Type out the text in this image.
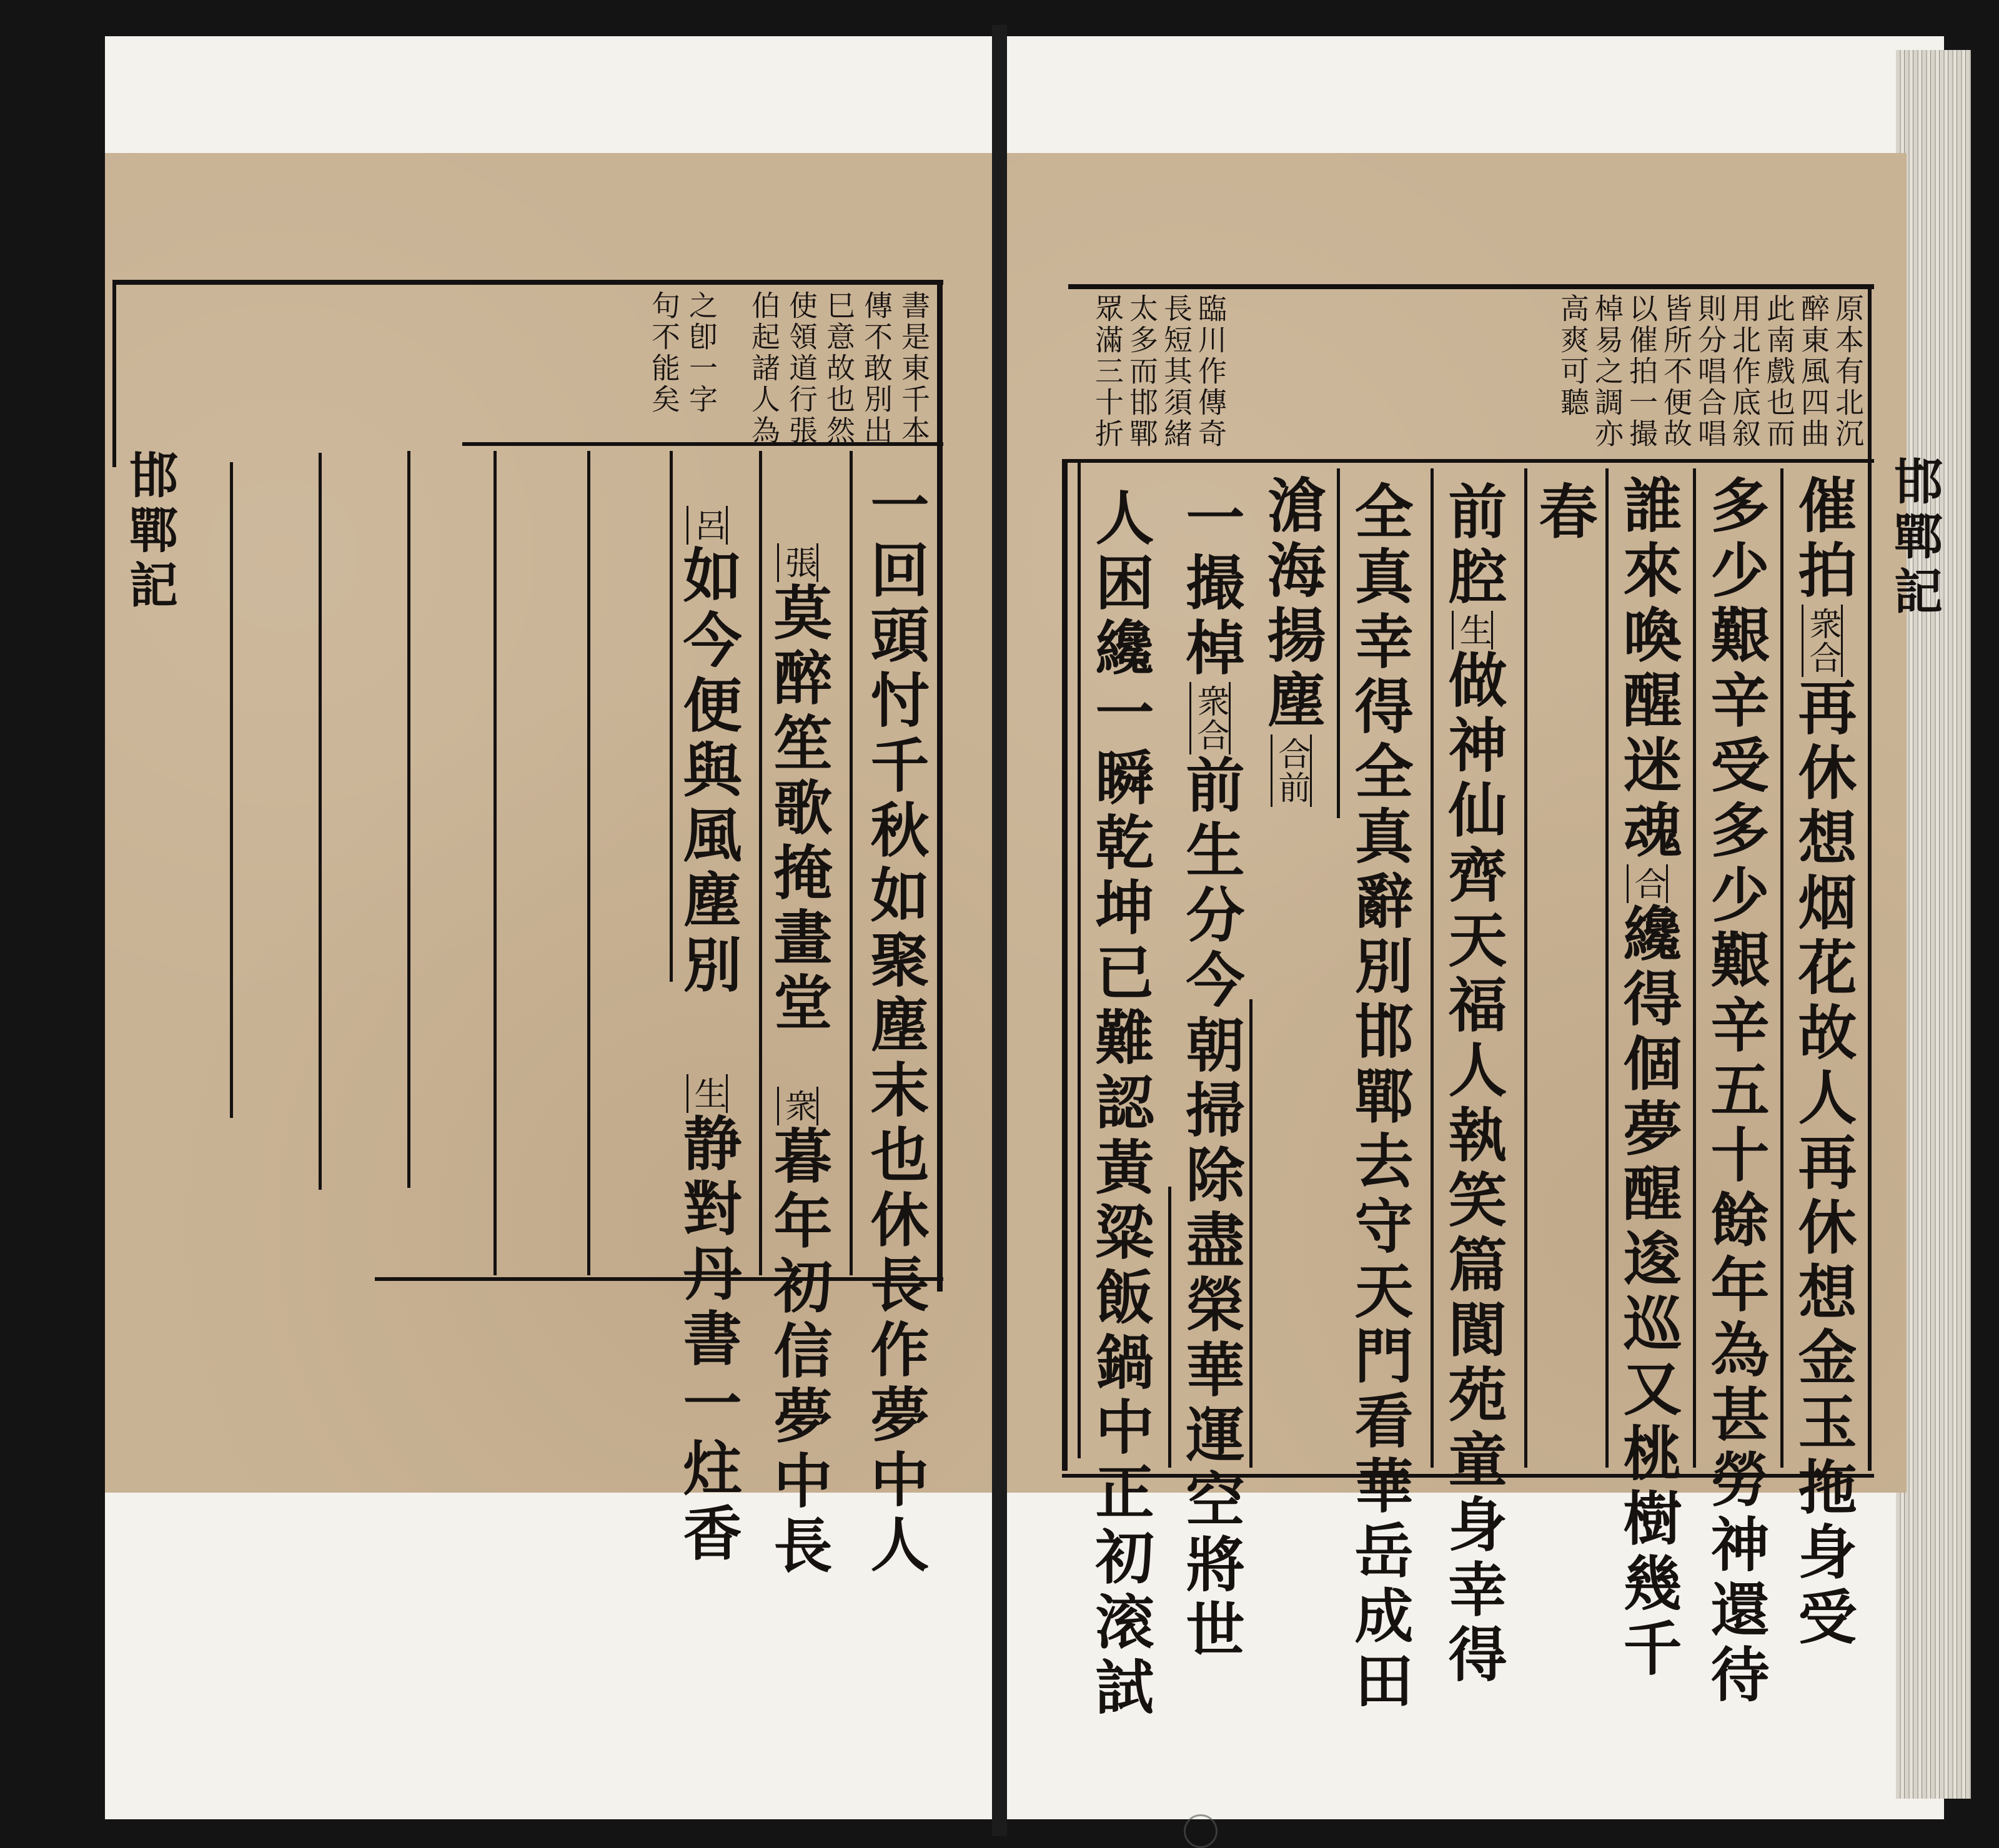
書是東千本
傳不敢別出
巳意故也然
使領道行張
伯起諸人為
之卽一字
句不能矣
邯鄲記	一回頭忖千秋如聚塵末也休長作夢中人
張莫醉笙歌掩畫堂
衆暮年初信夢中長
呂如今便與風塵別
生静對丹書一炷香
原本有北沉
醉東風四曲
此南戲也而
用北作底叙
則分唱合唱
皆所不便故
以催拍一撮
棹易之調亦
高爽可聽
臨川作傳奇
長短其須緒
太多而邯鄲
眾滿三十折
催拍衆合再休想烟花故人再休想金玉拖身受
多少艱辛受多少艱辛五十餘年為甚勞神還待
誰來喚醒迷魂合纔得個夢醒逡巡又桃樹幾千
春
前腔生做神仙齊天福人執笑篇閬苑童身幸得
全真幸得全真辭別邯鄲去守天門看華岳成田
滄海揚塵合前
一撮棹衆合前生分今朝掃除盡榮華運空將世
人困纔一瞬乾坤已難認黃粱飯鍋中正初滚試	邯鄲記
